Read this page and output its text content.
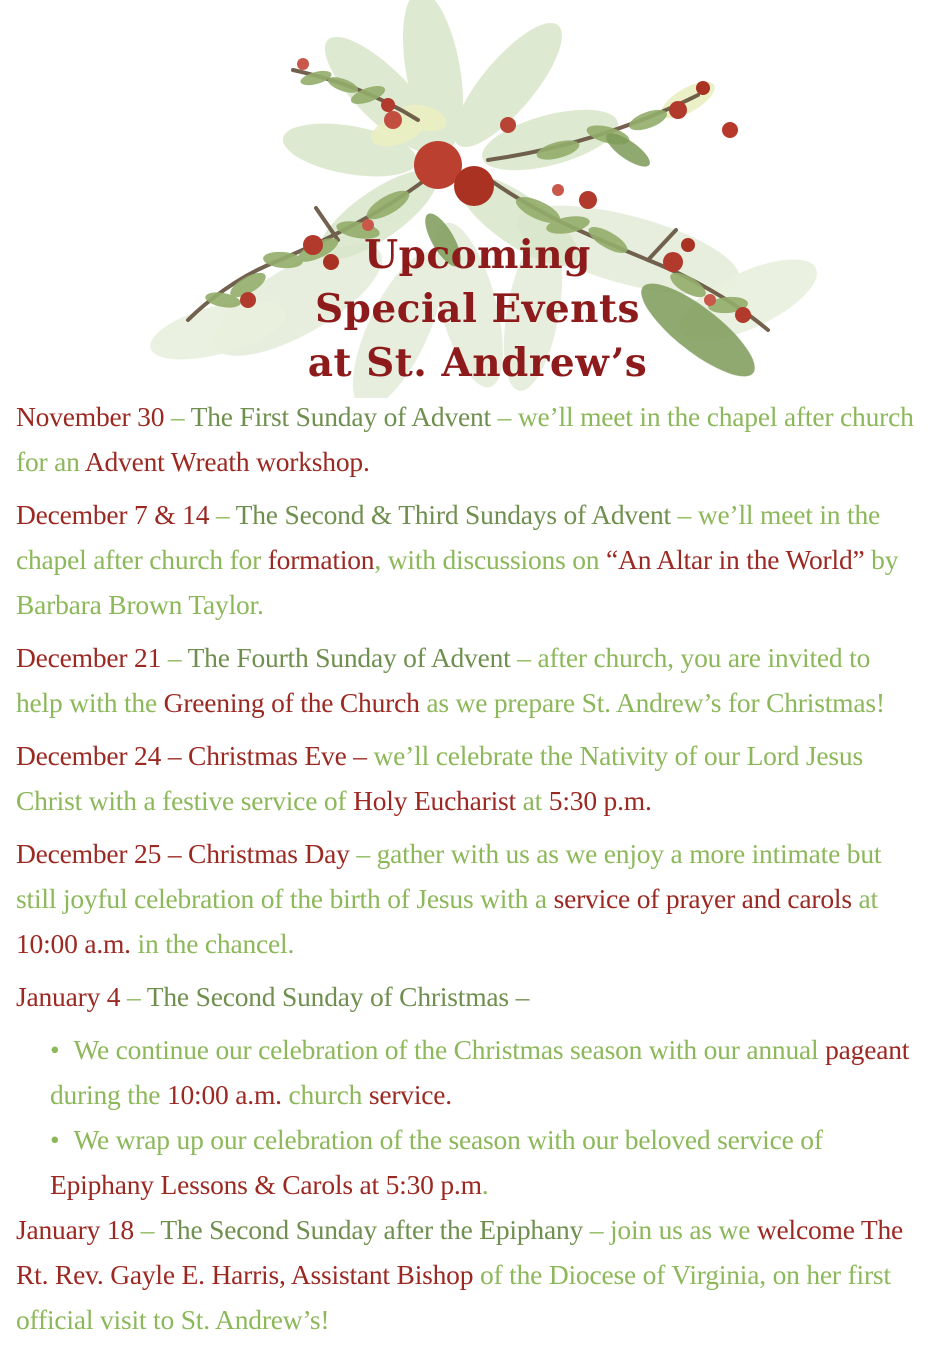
Upcoming
Special Events
at St. Andrew’s
November 30 – The First Sunday of Advent – we’ll meet in the chapel after church for an Advent Wreath workshop.
December 7 & 14 – The Second & Third Sundays of Advent – we’ll meet in the chapel after church for formation, with discussions on “An Altar in the World” by Barbara Brown Taylor.
December 21 – The Fourth Sunday of Advent – after church, you are invited to help with the Greening of the Church as we prepare St. Andrew’s for Christmas!
December 24 – Christmas Eve – we’ll celebrate the Nativity of our Lord Jesus Christ with a festive service of Holy Eucharist at 5:30 p.m.
December 25 – Christmas Day – gather with us as we enjoy a more intimate but still joyful celebration of the birth of Jesus with a service of prayer and carols at 10:00 a.m. in the chancel.
January 4 – The Second Sunday of Christmas –
• We continue our celebration of the Christmas season with our annual pageant during the 10:00 a.m. church service.
• We wrap up our celebration of the season with our beloved service of Epiphany Lessons & Carols at 5:30 p.m.
January 18 – The Second Sunday after the Epiphany – join us as we welcome The Rt. Rev. Gayle E. Harris, Assistant Bishop of the Diocese of Virginia, on her first official visit to St. Andrew’s!
